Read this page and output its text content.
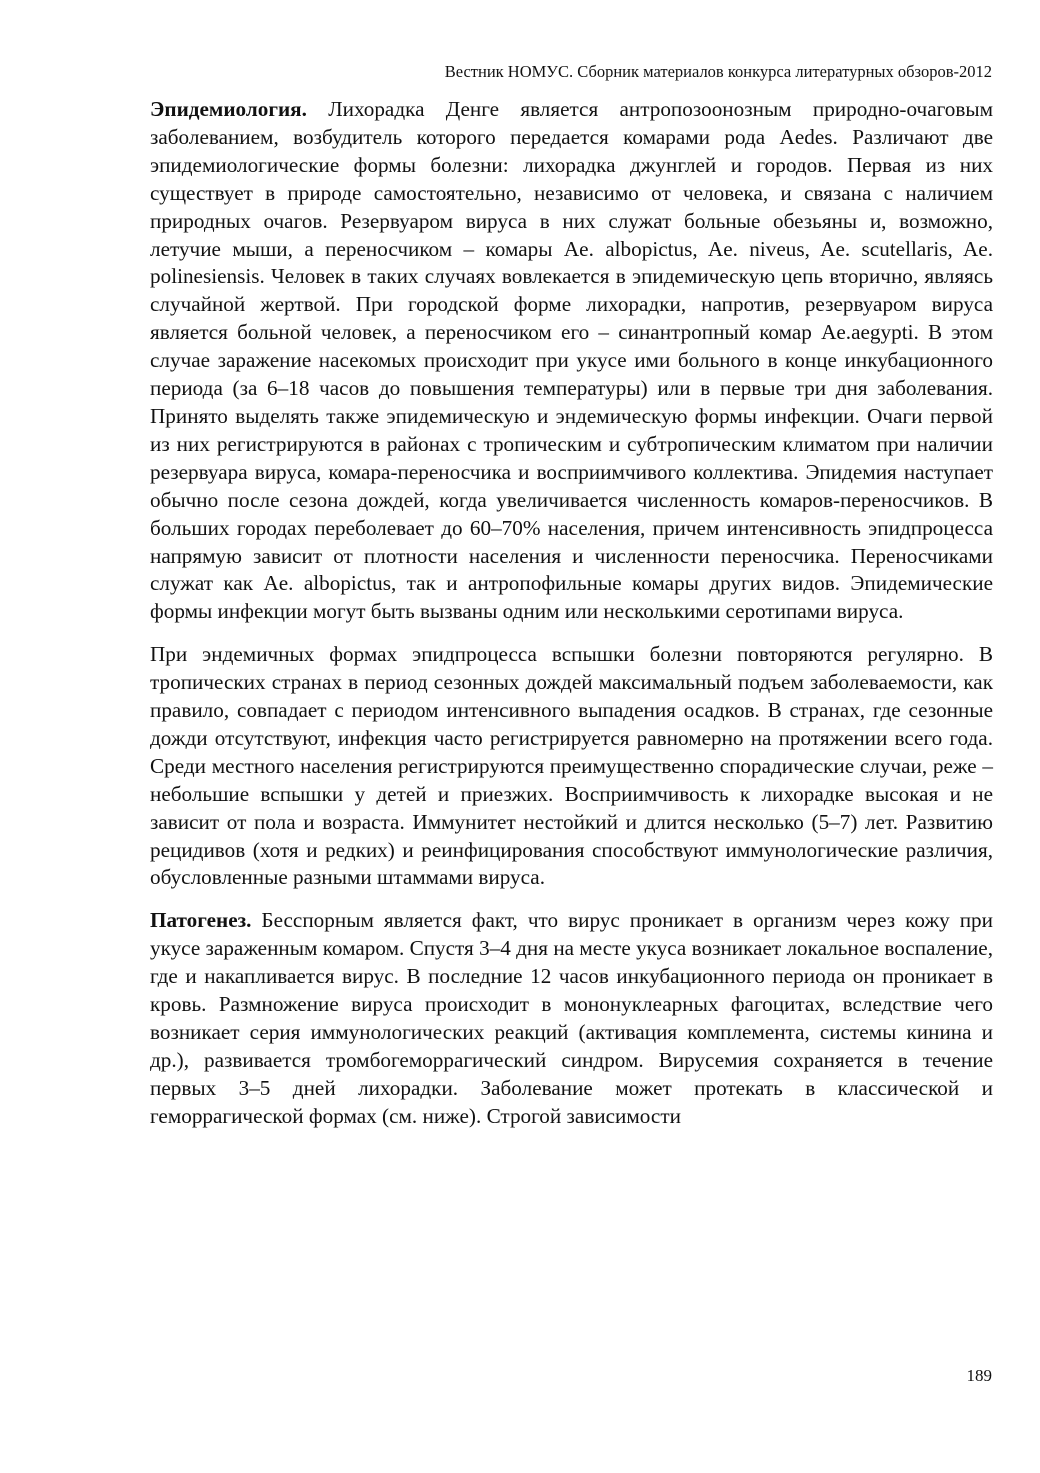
Вестник НОМУС. Сборник материалов конкурса литературных обзоров-2012

Эпидемиология. Лихорадка Денге является антропозоонозным природно-очаговым заболеванием, возбудитель которого передается комарами рода Aedes. Различают две эпидемиологические формы болезни: лихорадка джунглей и городов. Первая из них существует в природе самостоятельно, независимо от человека, и связана с наличием природных очагов. Резервуаром вируса в них служат больные обезьяны и, возможно, летучие мыши, а переносчиком – комары Ae. albopictus, Ae. niveus, Ae. scutellaris, Ae. polinesiensis. Человек в таких случаях вовлекается в эпидемическую цепь вторично, являясь случайной жертвой. При городской форме лихорадки, напротив, резервуаром вируса является больной человек, а переносчиком его – синантропный комар Ae.aegypti. В этом случае заражение насекомых происходит при укусе ими больного в конце инкубационного периода (за 6–18 часов до повышения температуры) или в первые три дня заболевания. Принято выделять также эпидемическую и эндемическую формы инфекции. Очаги первой из них регистрируются в районах с тропическим и субтропическим климатом при наличии резервуара вируса, комара-переносчика и восприимчивого коллектива. Эпидемия наступает обычно после сезона дождей, когда увеличивается численность комаров-переносчиков. В больших городах переболевает до 60–70% населения, причем интенсивность эпидпроцесса напрямую зависит от плотности населения и численности переносчика. Переносчиками служат как Ae. albopictus, так и антропофильные комары других видов. Эпидемические формы инфекции могут быть вызваны одним или несколькими серотипами вируса.

При эндемичных формах эпидпроцесса вспышки болезни повторяются регулярно. В тропических странах в период сезонных дождей максимальный подъем заболеваемости, как правило, совпадает с периодом интенсивного выпадения осадков. В странах, где сезонные дожди отсутствуют, инфекция часто регистрируется равномерно на протяжении всего года. Среди местного населения регистрируются преимущественно спорадические случаи, реже – небольшие вспышки у детей и приезжих. Восприимчивость к лихорадке высокая и не зависит от пола и возраста. Иммунитет нестойкий и длится несколько (5–7) лет. Развитию рецидивов (хотя и редких) и реинфицирования способствуют иммунологические различия, обусловленные разными штаммами вируса.

Патогенез. Бесспорным является факт, что вирус проникает в организм через кожу при укусе зараженным комаром. Спустя 3–4 дня на месте укуса возникает локальное воспаление, где и накапливается вирус. В последние 12 часов инкубационного периода он проникает в кровь. Размножение вируса происходит в мононуклеарных фагоцитах, вследствие чего возникает серия иммунологических реакций (активация комплемента, системы кинина и др.), развивается тромбогеморрагический синдром. Вирусемия сохраняется в течение первых 3–5 дней лихорадки. Заболевание может протекать в классической и геморрагической формах (см. ниже). Строгой зависимости

189
